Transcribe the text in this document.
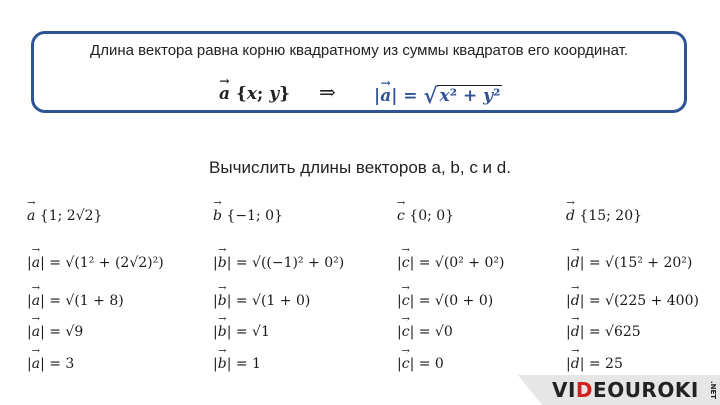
Длина вектора равна корню квадратному из суммы квадратов его координат.
→ a {x; y} ⇒ |→ a| = √ x² + y²
Вычислить длины векторов a, b, c и d.
→ a {1; 2√2}
|→ a| = √(1² + (2√2)²)
|→ a| = √(1 + 8)
|→ a| = √9
|→ a| = 3
→ b {−1; 0}
|→ b| = √((−1)² + 0²)
|→ b| = √(1 + 0)
|→ b| = √1
|→ b| = 1
→ c {0; 0}
|→ c| = √(0² + 0²)
|→ c| = √(0 + 0)
|→ c| = √0
|→ c| = 0
→ d {15; 20}
|→ d| = √(15² + 20²)
|→ d| = √(225 + 400)
|→ d| = √625
|→ d| = 25
VIDEOUROKI .NET
